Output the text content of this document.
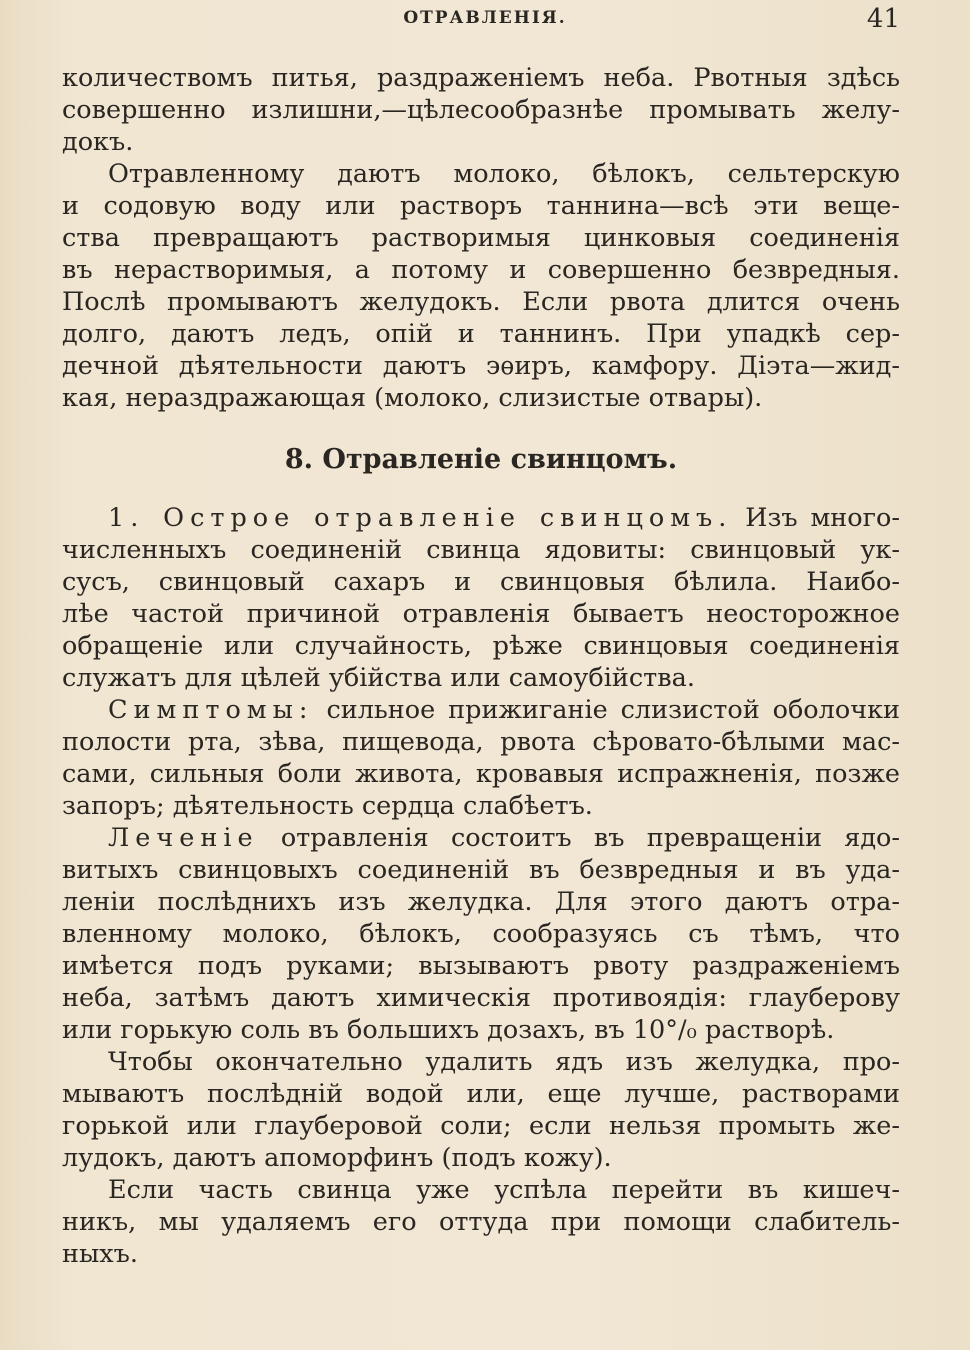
ОТРАВЛЕНІЯ.	41
количествомъ питья, раздраженіемъ неба. Рвотныя здѣсь
совершенно излишни,—цѣлесообразнѣе промывать желу-
докъ.
Отравленному даютъ молоко, бѣлокъ, сельтерскую
и содовую воду или растворъ таннина—всѣ эти веще-
ства превращаютъ растворимыя цинковыя соединенія
въ нерастворимыя, а потому и совершенно безвредныя.
Послѣ промываютъ желудокъ. Если рвота длится очень
долго, даютъ ледъ, опій и таннинъ. При упадкѣ сер-
дечной дѣятельности даютъ эѳиръ, камфору. Діэта—жид-
кая, нераздражающая (молоко, слизистые отвары).
8. Отравленіе свинцомъ.
1. Острое отравленіе свинцомъ. Изъ много-
численныхъ соединеній свинца ядовиты: свинцовый ук-
сусъ, свинцовый сахаръ и свинцовыя бѣлила. Наибо-
лѣе частой причиной отравленія бываетъ неосторожное
обращеніе или случайность, рѣже свинцовыя соединенія
служатъ для цѣлей убійства или самоубійства.
Симптомы: сильное прижиганіе слизистой оболочки
полости рта, зѣва, пищевода, рвота сѣровато-бѣлыми мас-
сами, сильныя боли живота, кровавыя испражненія, позже
запоръ; дѣятельность сердца слабѣетъ.
Леченіе отравленія состоитъ въ превращеніи ядо-
витыхъ свинцовыхъ соединеній въ безвредныя и въ уда-
леніи послѣднихъ изъ желудка. Для этого даютъ отра-
вленному молоко, бѣлокъ, сообразуясь съ тѣмъ, что
имѣется подъ руками; вызываютъ рвоту раздраженіемъ
неба, затѣмъ даютъ химическія противоядія: глауберову
или горькую соль въ большихъ дозахъ, въ 10°/₀ растворѣ.
Чтобы окончательно удалить ядъ изъ желудка, про-
мываютъ послѣдній водой или, еще лучше, растворами
горькой или глауберовой соли; если нельзя промыть же-
лудокъ, даютъ апоморфинъ (подъ кожу).
Если часть свинца уже успѣла перейти въ кишеч-
никъ, мы удаляемъ его оттуда при помощи слабитель-
ныхъ.
